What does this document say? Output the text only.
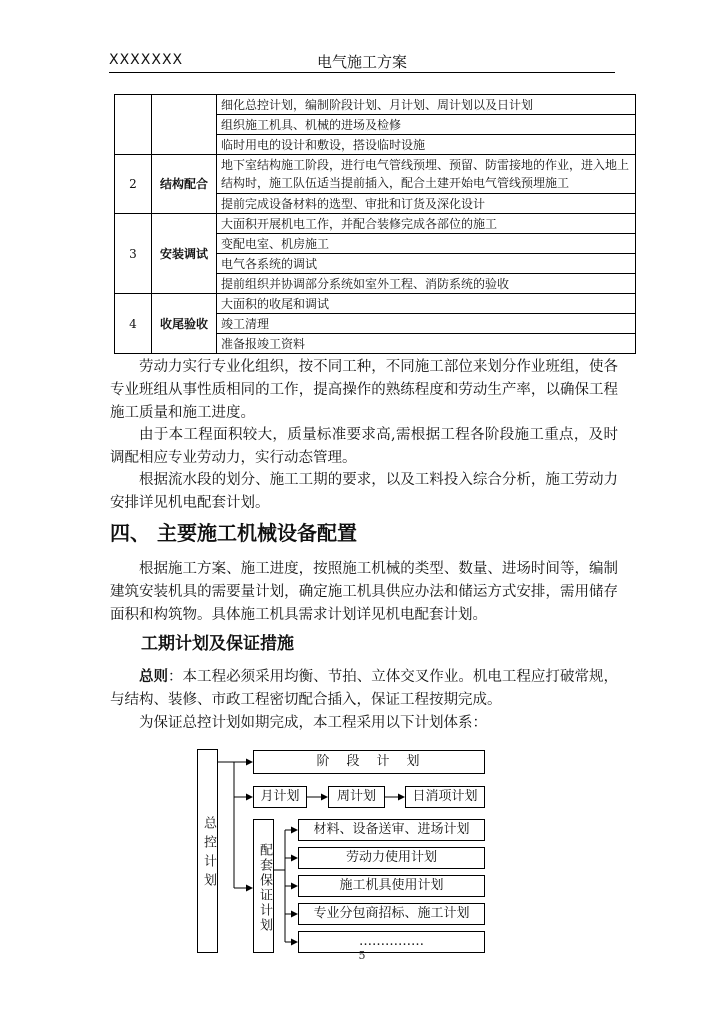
XXXXXXX	电气施工方案
		细化总控计划，编制阶段计划、月计划、周计划以及日计划
		组织施工机具、机械的进场及检修
		临时用电的设计和敷设，搭设临时设施
2	结构配合	地下室结构施工阶段，进行电气管线预埋、预留、防雷接地的作业，进入地上结构时，施工队伍适当提前插入，配合土建开始电气管线预埋施工
		提前完成设备材料的选型、审批和订货及深化设计
3	安装调试	大面积开展机电工作，并配合装修完成各部位的施工
		变配电室、机房施工
		电气各系统的调试
		提前组织并协调部分系统如室外工程、消防系统的验收
4	收尾验收	大面积的收尾和调试
		竣工清理
		准备报竣工资料
劳动力实行专业化组织，按不同工种，不同施工部位来划分作业班组，使各专业班组从事性质相同的工作，提高操作的熟练程度和劳动生产率，以确保工程施工质量和施工进度。
由于本工程面积较大，质量标准要求高,需根据工程各阶段施工重点，及时调配相应专业劳动力，实行动态管理。
根据流水段的划分、施工工期的要求，以及工料投入综合分析，施工劳动力安排详见机电配套计划。
四、 主要施工机械设备配置
根据施工方案、施工进度，按照施工机械的类型、数量、进场时间等，编制建筑安装机具的需要量计划，确定施工机具供应办法和储运方式安排，需用储存面积和构筑物。具体施工机具需求计划详见机电配套计划。
工期计划及保证措施
总则：本工程必须采用均衡、节拍、立体交叉作业。机电工程应打破常规，与结构、装修、市政工程密切配合插入，保证工程按期完成。
为保证总控计划如期完成，本工程采用以下计划体系：
总控计划
阶　段　计　划
月计划	周计划	日消项计划
配套保证计划
材料、设备送审、进场计划
劳动力使用计划
施工机具使用计划
专业分包商招标、施工计划
……………
5
